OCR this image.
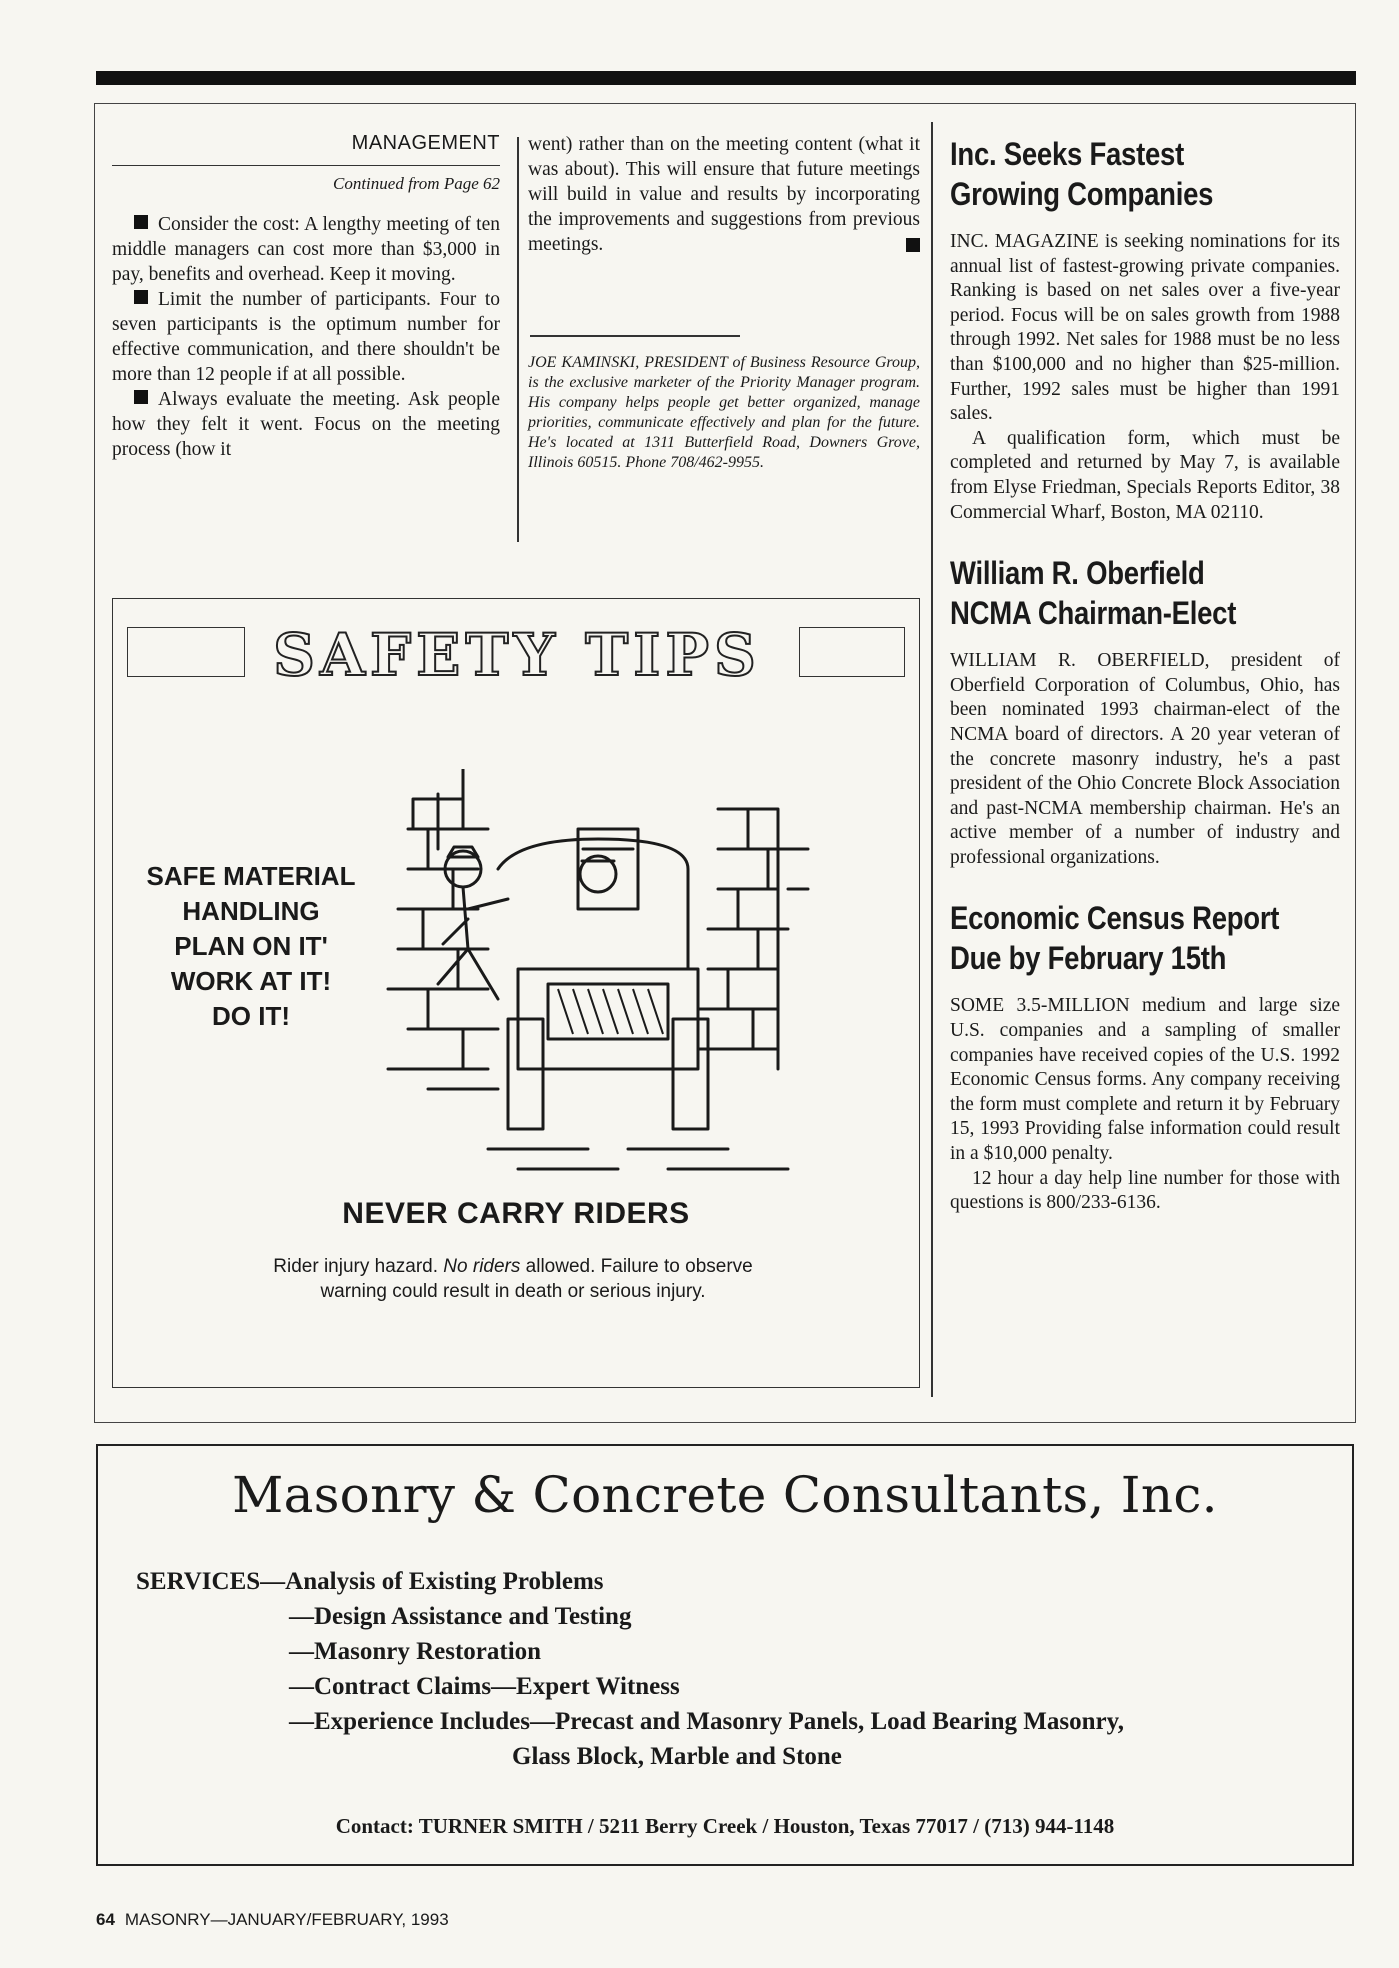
MANAGEMENT
Continued from Page 62

Consider the cost: A lengthy meeting of ten middle managers can cost more than $3,000 in pay, benefits and overhead. Keep it moving.

Limit the number of participants. Four to seven participants is the optimum number for effective communication, and there shouldn't be more than 12 people if at all possible.

Always evaluate the meeting. Ask people how they felt it went. Focus on the meeting process (how it

went) rather than on the meeting content (what it was about). This will ensure that future meetings will build in value and results by incorporating the improvements and suggestions from previous meetings.

JOE KAMINSKI, PRESIDENT of Business Resource Group, is the exclusive marketer of the Priority Manager program. His company helps people get better organized, manage priorities, communicate effectively and plan for the future. He's located at 1311 Butterfield Road, Downers Grove, Illinois 60515. Phone 708/462-9955.

Inc. Seeks Fastest
Growing Companies

INC. MAGAZINE is seeking nominations for its annual list of fastest-growing private companies. Ranking is based on net sales over a five-year period. Focus will be on sales growth from 1988 through 1992. Net sales for 1988 must be no less than $100,000 and no higher than $25-million. Further, 1992 sales must be higher than 1991 sales.

A qualification form, which must be completed and returned by May 7, is available from Elyse Friedman, Specials Reports Editor, 38 Commercial Wharf, Boston, MA 02110.

William R. Oberfield
NCMA Chairman-Elect

WILLIAM R. OBERFIELD, president of Oberfield Corporation of Columbus, Ohio, has been nominated 1993 chairman-elect of the NCMA board of directors. A 20 year veteran of the concrete masonry industry, he's a past president of the Ohio Concrete Block Association and past-NCMA membership chairman. He's an active member of a number of industry and professional organizations.

Economic Census Report
Due by February 15th

SOME 3.5-MILLION medium and large size U.S. companies and a sampling of smaller companies have received copies of the U.S. 1992 Economic Census forms. Any company receiving the form must complete and return it by February 15, 1993 Providing false information could result in a $10,000 penalty.

12 hour a day help line number for those with questions is 800/233-6136.

SAFETY TIPS
SAFE MATERIAL
HANDLING
PLAN ON IT'
WORK AT IT!
DO IT!
NEVER CARRY RIDERS
Rider injury hazard. No riders allowed. Failure to observe warning could result in death or serious injury.
Masonry & Concrete Consultants, Inc.
SERVICES—Analysis of Existing Problems
—Design Assistance and Testing
—Masonry Restoration
—Contract Claims—Expert Witness
—Experience Includes—Precast and Masonry Panels, Load Bearing Masonry,
Glass Block, Marble and Stone
Contact: TURNER SMITH / 5211 Berry Creek / Houston, Texas 77017 / (713) 944-1148
64 MASONRY—JANUARY/FEBRUARY, 1993
